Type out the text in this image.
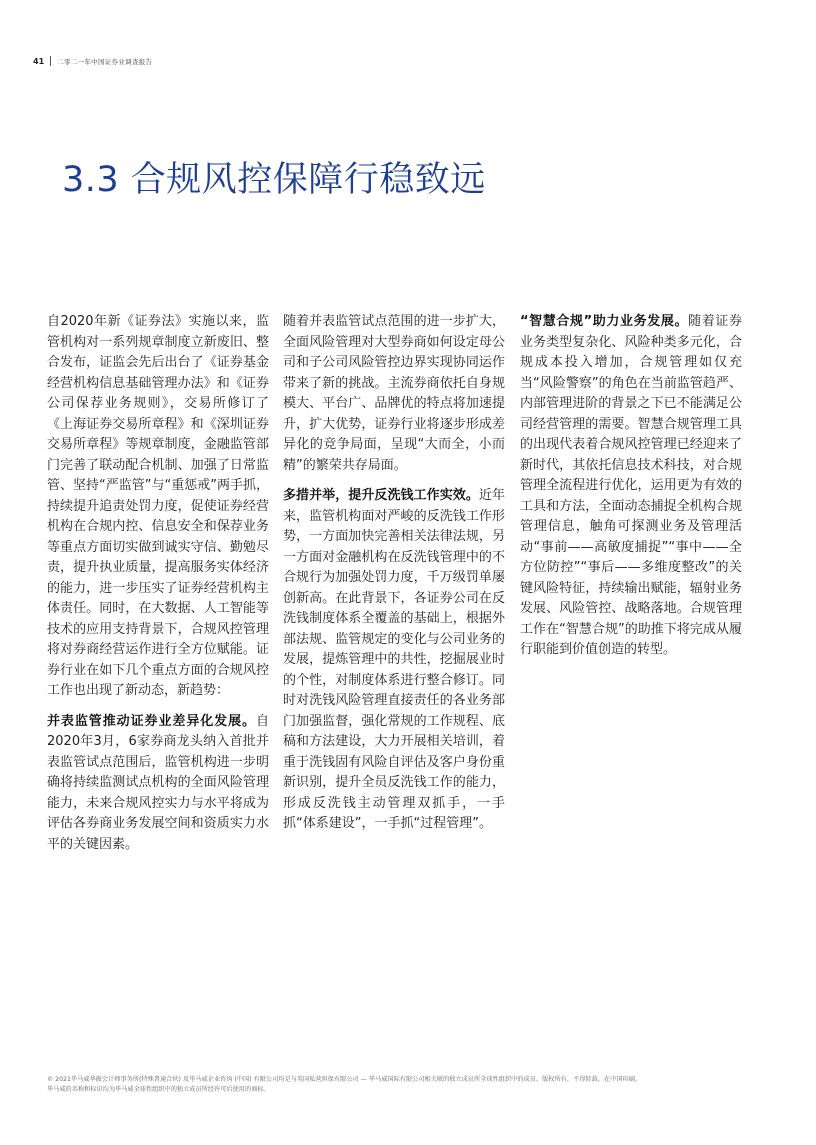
41 二零二一年中国证券业调查报告
3.3 合规风控保障行稳致远

自2020年新《证券法》实施以来，监管机构对一系列规章制度立新废旧、整合发布，证监会先后出台了《证券基金经营机构信息基础管理办法》和《证券公司保荐业务规则》，交易所修订了《上海证券交易所章程》和《深圳证券交易所章程》等规章制度，金融监管部门完善了联动配合机制、加强了日常监管、坚持“严监管”与“重惩戒”两手抓，持续提升追责处罚力度，促使证券经营机构在合规内控、信息安全和保荐业务等重点方面切实做到诚实守信、勤勉尽责，提升执业质量，提高服务实体经济的能力，进一步压实了证券经营机构主体责任。同时，在大数据、人工智能等技术的应用支持背景下，合规风控管理将对券商经营运作进行全方位赋能。证券行业在如下几个重点方面的合规风控工作也出现了新动态，新趋势：

并表监管推动证券业差异化发展。自2020年3月，6家券商龙头纳入首批并表监管试点范围后，监管机构进一步明确将持续监测试点机构的全面风险管理能力，未来合规风控实力与水平将成为评估各券商业务发展空间和资质实力水平的关键因素。

随着并表监管试点范围的进一步扩大，全面风险管理对大型券商如何设定母公司和子公司风险管控边界实现协同运作带来了新的挑战。主流券商依托自身规模大、平台广、品牌优的特点将加速提升，扩大优势，证券行业将逐步形成差异化的竞争局面，呈现“大而全，小而精”的繁荣共存局面。

多措并举，提升反洗钱工作实效。近年来，监管机构面对严峻的反洗钱工作形势，一方面加快完善相关法律法规，另一方面对金融机构在反洗钱管理中的不合规行为加强处罚力度，千万级罚单屡创新高。在此背景下，各证券公司在反洗钱制度体系全覆盖的基础上，根据外部法规、监管规定的变化与公司业务的发展，提炼管理中的共性，挖掘展业时的个性，对制度体系进行整合修订。同时对洗钱风险管理直接责任的各业务部门加强监督，强化常规的工作规程、底稿和方法建设，大力开展相关培训，着重于洗钱固有风险自评估及客户身份重新识别，提升全员反洗钱工作的能力，形成反洗钱主动管理双抓手，一手抓“体系建设”，一手抓“过程管理”。

“智慧合规”助力业务发展。随着证券业务类型复杂化、风险种类多元化，合规成本投入增加，合规管理如仅充当“风险警察”的角色在当前监管趋严、内部管理进阶的背景之下已不能满足公司经营管理的需要。智慧合规管理工具的出现代表着合规风控管理已经迎来了新时代，其依托信息技术科技，对合规管理全流程进行优化，运用更为有效的工具和方法，全面动态捕捉全机构合规管理信息，触角可探测业务及管理活动“事前——高敏度捕捉”“事中——全方位防控”“事后——多维度整改”的关键风险特征，持续输出赋能，辐射业务发展、风险管控、战略落地。合规管理工作在“智慧合规”的助推下将完成从履行职能到价值创造的转型。

© 2021毕马威华振会计师事务所(特殊普通合伙) 及毕马威企业咨询 (中国) 有限公司均是与英国私营担保有限公司 — 毕马威国际有限公司相关联的独立成员所全球性组织中的成员。版权所有，不得转载。在中国印刷。
毕马威的名称和标识均为毕马威全球性组织中的独立成员所经许可后使用的商标。
